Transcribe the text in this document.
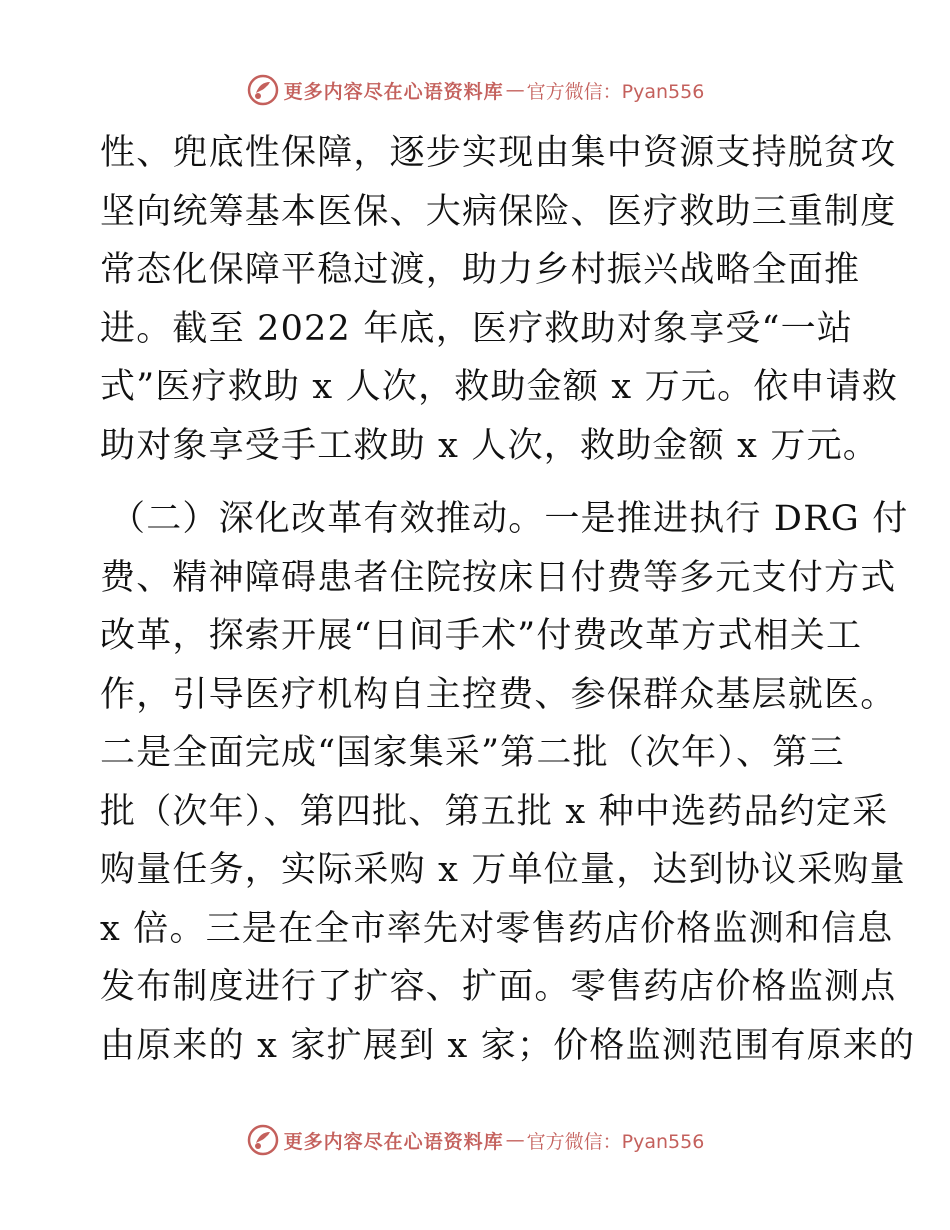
更多内容尽在心语资料库 — 官方微信：Pyan556
性、兜底性保障，逐步实现由集中资源支持脱贫攻
坚向统筹基本医保、大病保险、医疗救助三重制度
常态化保障平稳过渡，助力乡村振兴战略全面推
进。截至 2022 年底，医疗救助对象享受“一站
式”医疗救助 x 人次，救助金额 x 万元。依申请救
助对象享受手工救助 x 人次，救助金额 x 万元。
（二）深化改革有效推动。一是推进执行 DRG 付
费、精神障碍患者住院按床日付费等多元支付方式
改革，探索开展“日间手术”付费改革方式相关工
作，引导医疗机构自主控费、参保群众基层就医。
二是全面完成“国家集采”第二批（次年）、第三
批（次年）、第四批、第五批 x 种中选药品约定采
购量任务，实际采购 x 万单位量，达到协议采购量
x 倍。三是在全市率先对零售药店价格监测和信息
发布制度进行了扩容、扩面。零售药店价格监测点
由原来的 x 家扩展到 x 家；价格监测范围有原来的
更多内容尽在心语资料库 — 官方微信：Pyan556
